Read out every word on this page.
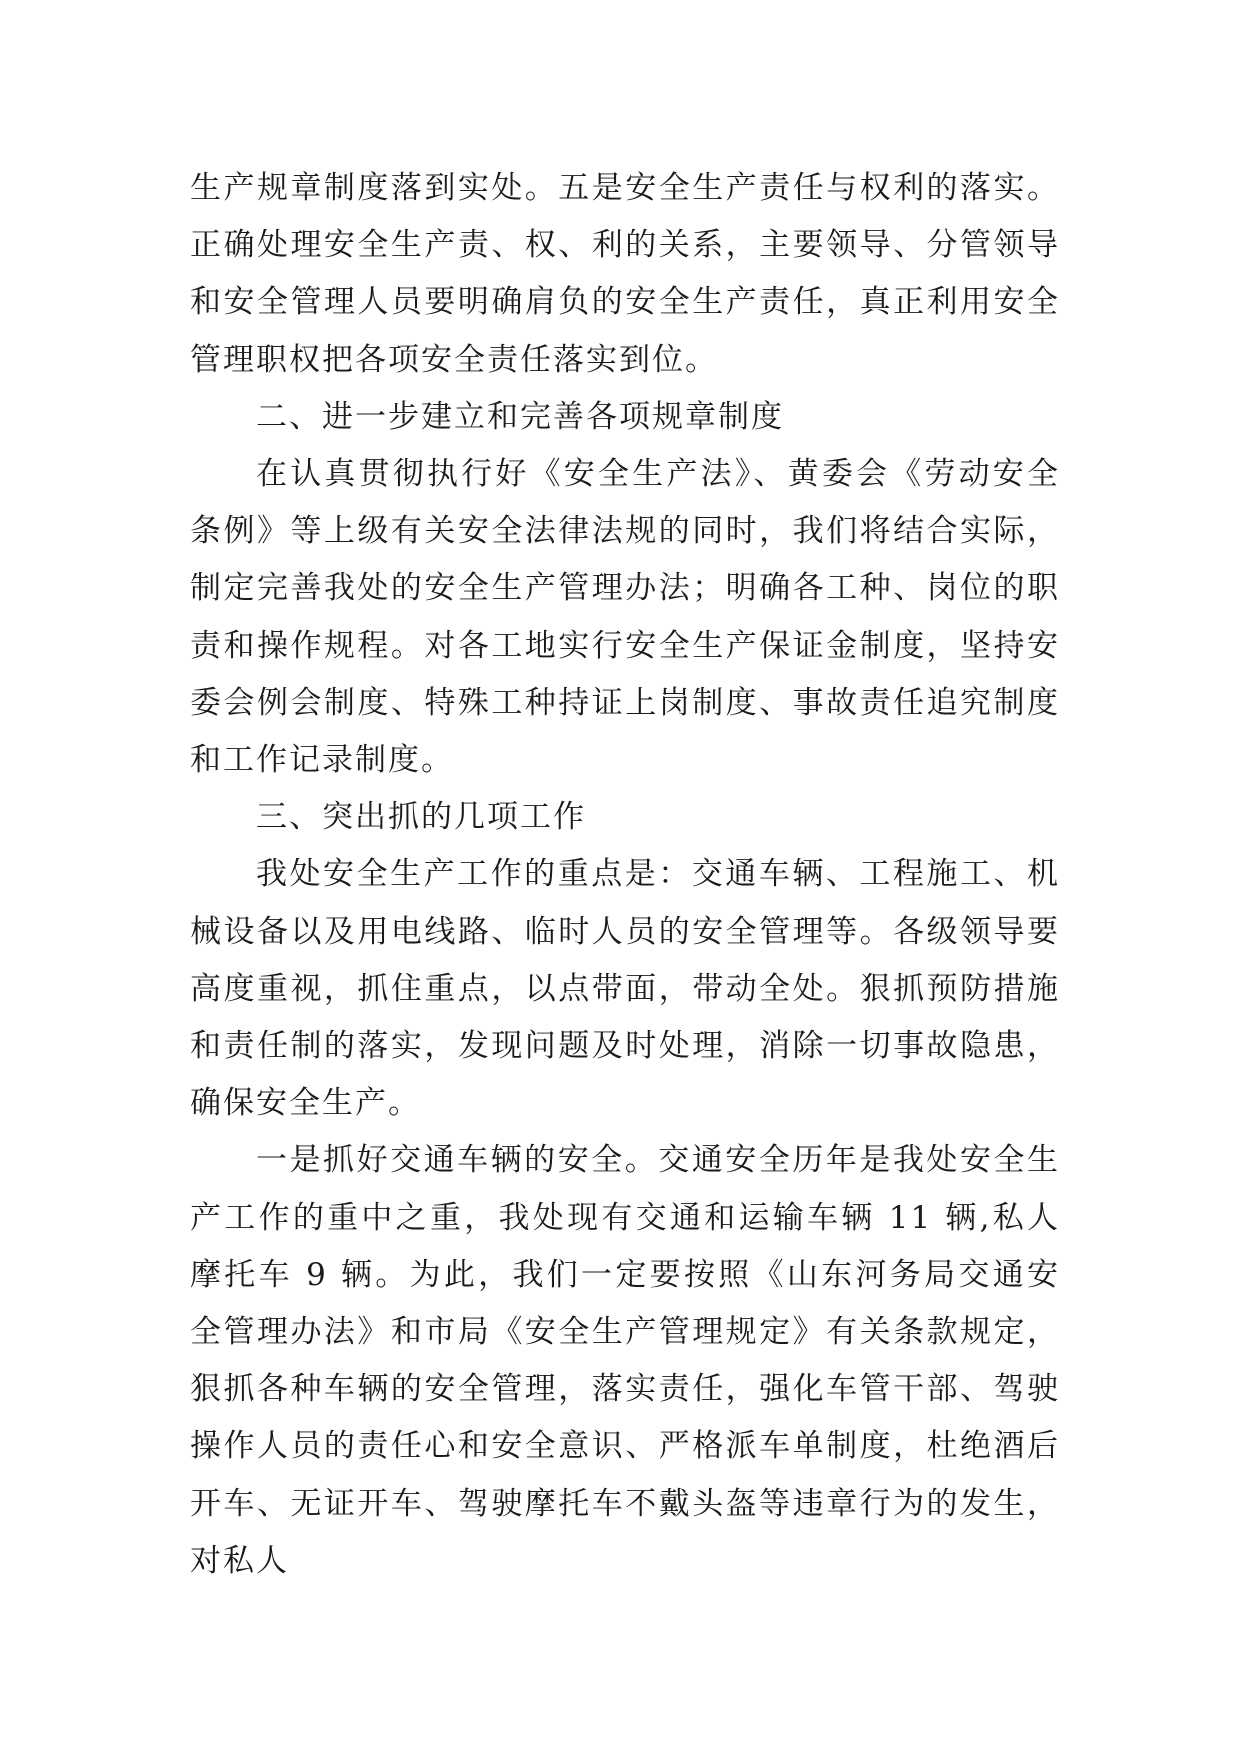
生产规章制度落到实处。五是安全生产责任与权利的落实。正确处理安全生产责、权、利的关系，主要领导、分管领导和安全管理人员要明确肩负的安全生产责任，真正利用安全管理职权把各项安全责任落实到位。

二、进一步建立和完善各项规章制度

在认真贯彻执行好《安全生产法》、黄委会《劳动安全条例》等上级有关安全法律法规的同时，我们将结合实际，制定完善我处的安全生产管理办法；明确各工种、岗位的职责和操作规程。对各工地实行安全生产保证金制度，坚持安委会例会制度、特殊工种持证上岗制度、事故责任追究制度和工作记录制度。

三、突出抓的几项工作

我处安全生产工作的重点是：交通车辆、工程施工、机械设备以及用电线路、临时人员的安全管理等。各级领导要高度重视，抓住重点，以点带面，带动全处。狠抓预防措施和责任制的落实，发现问题及时处理，消除一切事故隐患，确保安全生产。

一是抓好交通车辆的安全。交通安全历年是我处安全生产工作的重中之重，我处现有交通和运输车辆 11 辆,私人摩托车 9 辆。为此，我们一定要按照《山东河务局交通安全管理办法》和市局《安全生产管理规定》有关条款规定，狠抓各种车辆的安全管理，落实责任，强化车管干部、驾驶操作人员的责任心和安全意识、严格派车单制度，杜绝酒后开车、无证开车、驾驶摩托车不戴头盔等违章行为的发生，对私人
